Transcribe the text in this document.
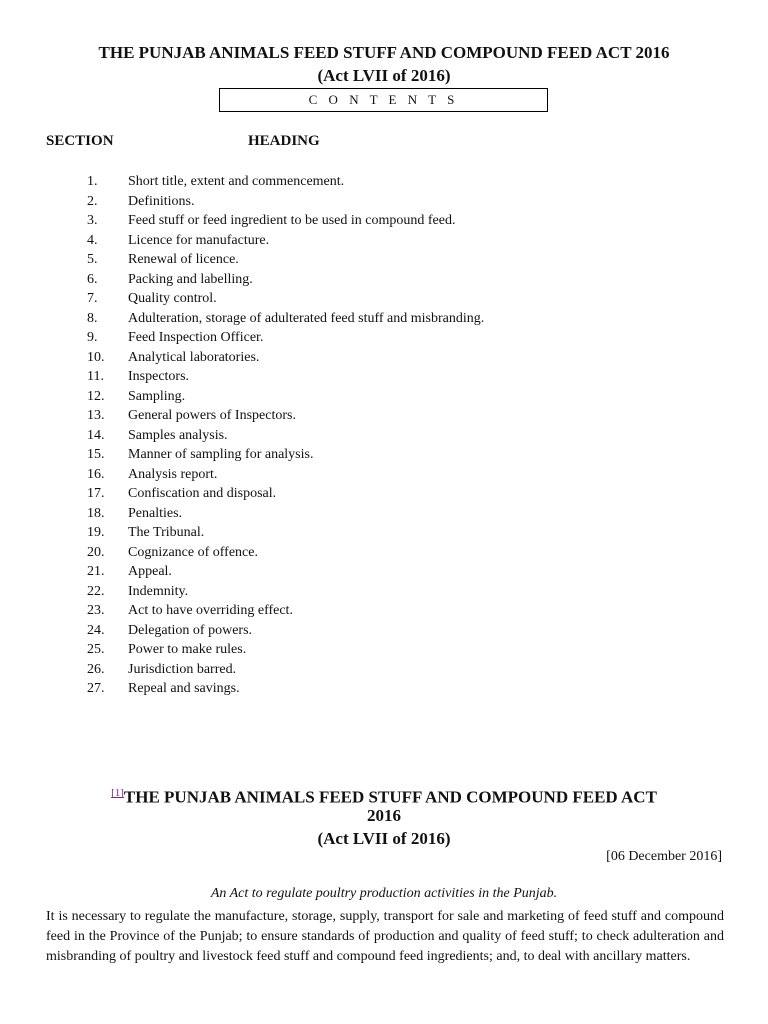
THE PUNJAB ANIMALS FEED STUFF AND COMPOUND FEED ACT 2016
(Act LVII of 2016)
C O N T E N T S
SECTION	HEADING
1.	Short title, extent and commencement.
2.	Definitions.
3.	Feed stuff or feed ingredient to be used in compound feed.
4.	Licence for manufacture.
5.	Renewal of licence.
6.	Packing and labelling.
7.	Quality control.
8.	Adulteration, storage of adulterated feed stuff and misbranding.
9.	Feed Inspection Officer.
10.	Analytical laboratories.
11.	Inspectors.
12.	Sampling.
13.	General powers of Inspectors.
14.	Samples analysis.
15.	Manner of sampling for analysis.
16.	Analysis report.
17.	Confiscation and disposal.
18.	Penalties.
19.	The Tribunal.
20.	Cognizance of offence.
21.	Appeal.
22.	Indemnity.
23.	Act to have overriding effect.
24.	Delegation of powers.
25.	Power to make rules.
26.	Jurisdiction barred.
27.	Repeal and savings.
[1]THE PUNJAB ANIMALS FEED STUFF AND COMPOUND FEED ACT
2016
(Act LVII of 2016)
[06 December 2016]
An Act to regulate poultry production activities in the Punjab.
It is necessary to regulate the manufacture, storage, supply, transport for sale and marketing of feed stuff and compound feed in the Province of the Punjab; to ensure standards of production and quality of feed stuff; to check adulteration and misbranding of poultry and livestock feed stuff and compound feed ingredients; and, to deal with ancillary matters.
